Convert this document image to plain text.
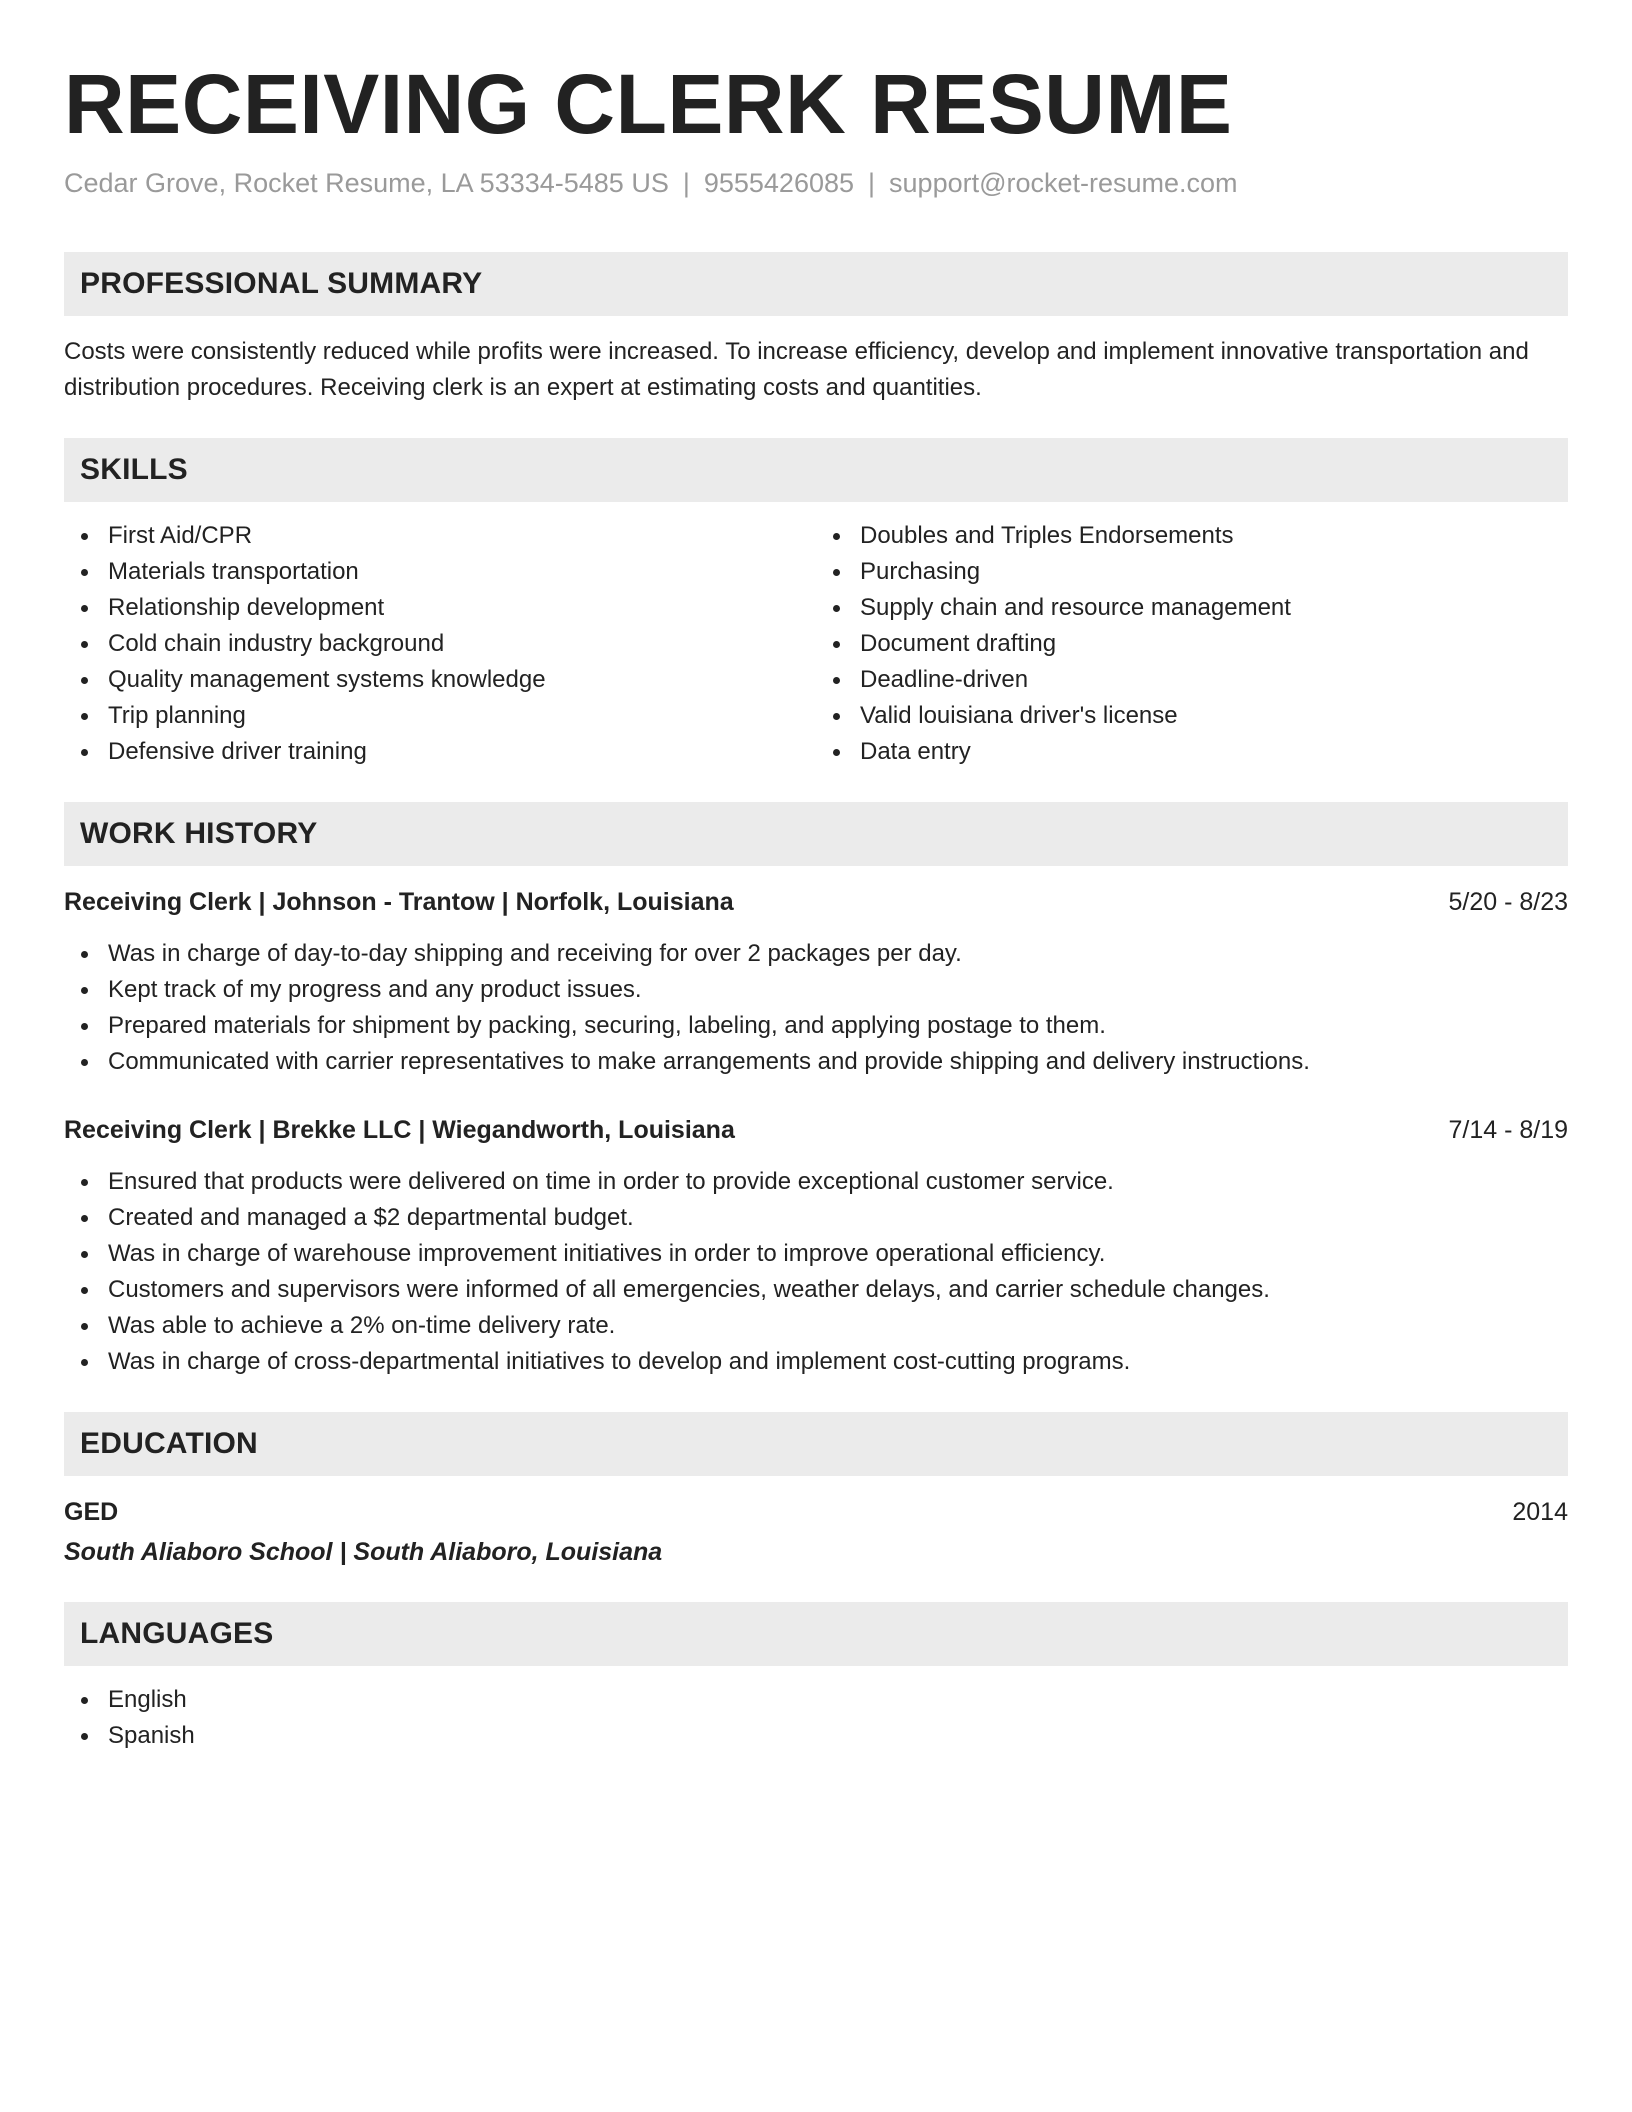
RECEIVING CLERK RESUME
Cedar Grove, Rocket Resume, LA 53334-5485 US | 9555426085 | support@rocket-resume.com
PROFESSIONAL SUMMARY

Costs were consistently reduced while profits were increased. To increase efficiency, develop and implement innovative transportation and distribution procedures. Receiving clerk is an expert at estimating costs and quantities.

SKILLS
First Aid/CPR
Materials transportation
Relationship development
Cold chain industry background
Quality management systems knowledge
Trip planning
Defensive driver training
Doubles and Triples Endorsements
Purchasing
Supply chain and resource management
Document drafting
Deadline-driven
Valid louisiana driver's license
Data entry
WORK HISTORY
Receiving Clerk | Johnson - Trantow | Norfolk, Louisiana	5/20 - 8/23
Was in charge of day-to-day shipping and receiving for over 2 packages per day.
Kept track of my progress and any product issues.
Prepared materials for shipment by packing, securing, labeling, and applying postage to them.
Communicated with carrier representatives to make arrangements and provide shipping and delivery instructions.
Receiving Clerk | Brekke LLC | Wiegandworth, Louisiana	7/14 - 8/19
Ensured that products were delivered on time in order to provide exceptional customer service.
Created and managed a $2 departmental budget.
Was in charge of warehouse improvement initiatives in order to improve operational efficiency.
Customers and supervisors were informed of all emergencies, weather delays, and carrier schedule changes.
Was able to achieve a 2% on-time delivery rate.
Was in charge of cross-departmental initiatives to develop and implement cost-cutting programs.
EDUCATION
GED	2014
South Aliaboro School | South Aliaboro, Louisiana
LANGUAGES
English
Spanish
